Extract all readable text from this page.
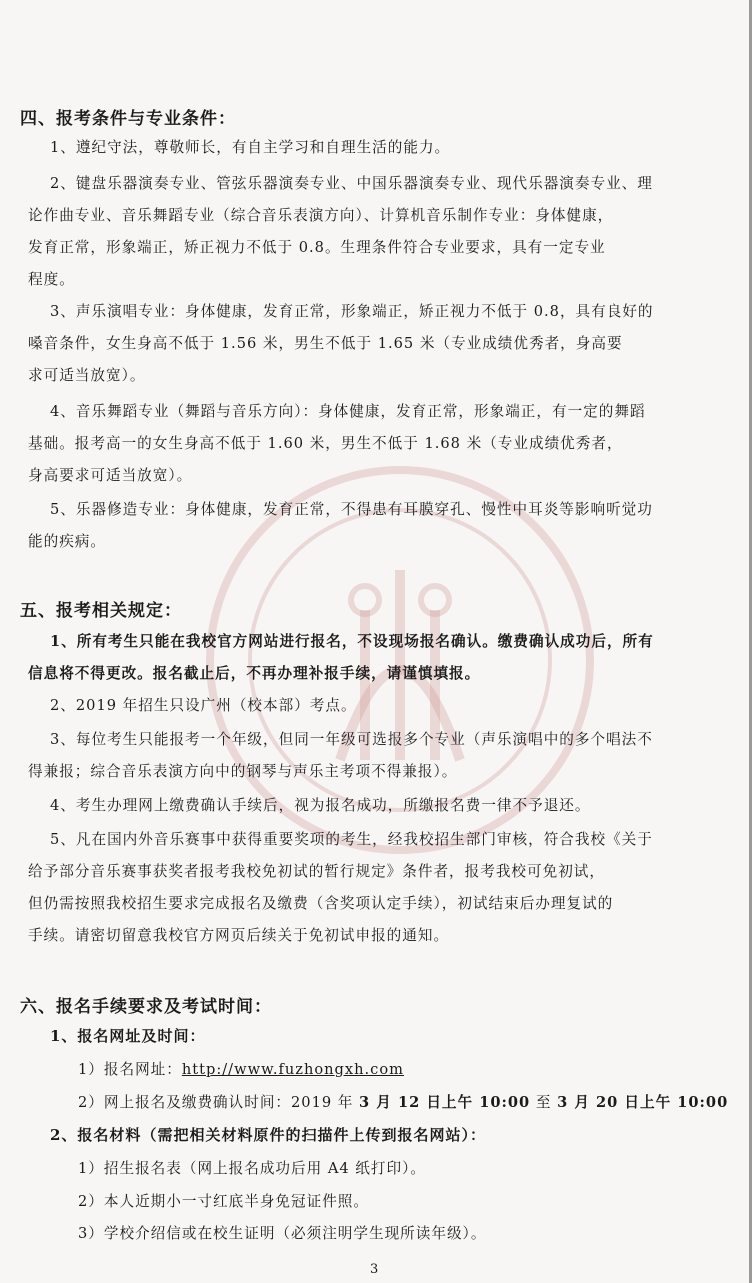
四、报考条件与专业条件：
1、遵纪守法，尊敬师长，有自主学习和自理生活的能力。
2、键盘乐器演奏专业、管弦乐器演奏专业、中国乐器演奏专业、现代乐器演奏专业、理
论作曲专业、音乐舞蹈专业（综合音乐表演方向）、计算机音乐制作专业：身体健康，
发育正常，形象端正，矫正视力不低于 0.8。生理条件符合专业要求，具有一定专业
程度。
3、声乐演唱专业：身体健康，发育正常，形象端正，矫正视力不低于 0.8，具有良好的
嗓音条件，女生身高不低于 1.56 米，男生不低于 1.65 米（专业成绩优秀者，身高要
求可适当放宽）。
4、音乐舞蹈专业（舞蹈与音乐方向）：身体健康，发育正常，形象端正，有一定的舞蹈
基础。报考高一的女生身高不低于 1.60 米，男生不低于 1.68 米（专业成绩优秀者，
身高要求可适当放宽）。
5、乐器修造专业：身体健康，发育正常，不得患有耳膜穿孔、慢性中耳炎等影响听觉功
能的疾病。
五、报考相关规定：
1、所有考生只能在我校官方网站进行报名，不设现场报名确认。缴费确认成功后，所有
信息将不得更改。报名截止后，不再办理补报手续，请谨慎填报。
2、2019 年招生只设广州（校本部）考点。
3、每位考生只能报考一个年级，但同一年级可选报多个专业（声乐演唱中的多个唱法不
得兼报；综合音乐表演方向中的钢琴与声乐主考项不得兼报）。
4、考生办理网上缴费确认手续后，视为报名成功，所缴报名费一律不予退还。
5、凡在国内外音乐赛事中获得重要奖项的考生，经我校招生部门审核，符合我校《关于
给予部分音乐赛事获奖者报考我校免初试的暂行规定》条件者，报考我校可免初试，
但仍需按照我校招生要求完成报名及缴费（含奖项认定手续），初试结束后办理复试的
手续。请密切留意我校官方网页后续关于免初试申报的通知。
六、报名手续要求及考试时间：
1、报名网址及时间：
1）报名网址：http://www.fuzhongxh.com
2）网上报名及缴费确认时间：2019 年 3 月 12 日上午 10:00 至 3 月 20 日上午 10:00
2、报名材料（需把相关材料原件的扫描件上传到报名网站）：
1）招生报名表（网上报名成功后用 A4 纸打印）。
2）本人近期小一寸红底半身免冠证件照。
3）学校介绍信或在校生证明（必须注明学生现所读年级）。
3
